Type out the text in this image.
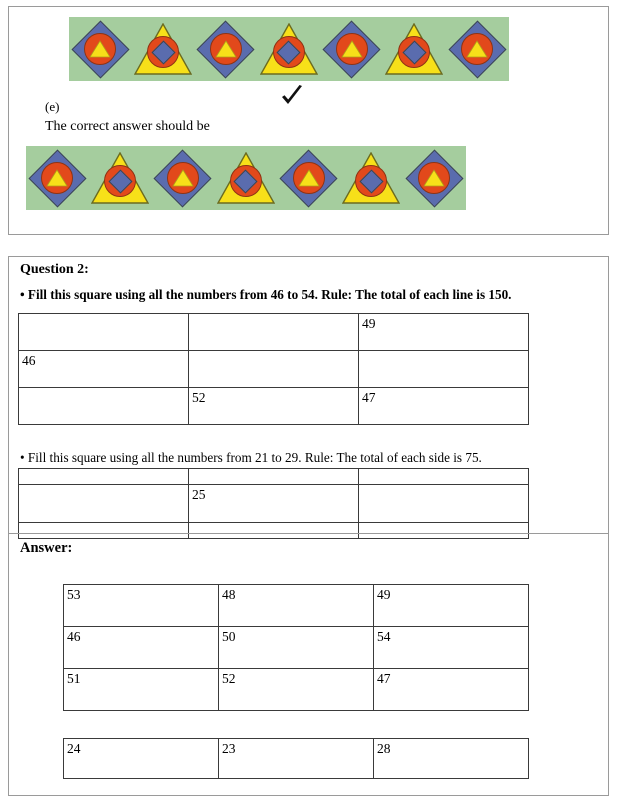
(e)
The correct answer should be
Question 2:
• Fill this square using all the numbers from 46 to 54. Rule: The total of each line is 150.
		49
46		
	52	47
• Fill this square using all the numbers from 21 to 29. Rule: The total of each side is 75.

	25	

Answer:
53	48	49
46	50	54
51	52	47
24	23	28
